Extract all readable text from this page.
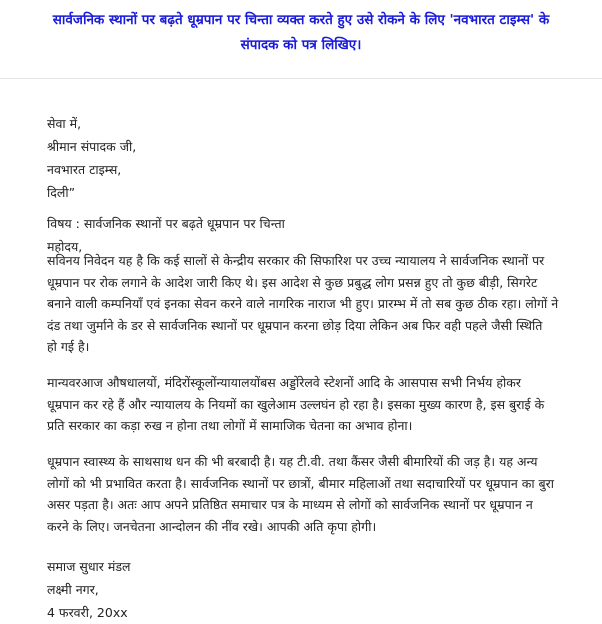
सार्वजनिक स्थानों पर बढ़ते धूम्रपान पर चिन्ता व्यक्त करते हुए उसे रोकने के लिए 'नवभारत टाइम्स' के
संपादक को पत्र लिखिए।
सेवा में,
श्रीमान संपादक जी,
नवभारत टाइम्स,
दिली”
विषय : सार्वजनिक स्थानों पर बढ़ते धूम्रपान पर चिन्ता
महोदय,
सविनय निवेदन यह है कि कई सालों से केन्द्रीय सरकार की सिफारिश पर उच्च न्यायालय ने सार्वजनिक स्थानों पर
धूम्रपान पर रोक लगाने के आदेश जारी किए थे। इस आदेश से कुछ प्रबुद्ध लोग प्रसन्न हुए तो कुछ बीड़ी, सिगरेट
बनाने वाली कम्पनियाँ एवं इनका सेवन करने वाले नागरिक नाराज भी हुए। प्रारम्भ में तो सब कुछ ठीक रहा। लोगों ने
दंड तथा जुर्माने के डर से सार्वजनिक स्थानों पर धूम्रपान करना छोड़ दिया लेकिन अब फिर वही पहले जैसी स्थिति
हो गई है।
मान्यवरआज औषधालयों, मंदिरोंस्कूलोंन्यायालयोंबस अड्डोंरेलवे स्टेशनों आदि के आसपास सभी निर्भय होकर
धूम्रपान कर रहे हैं और न्यायालय के नियमों का खुलेआम उल्लघंन हो रहा है। इसका मुख्य कारण है, इस बुराई के
प्रति सरकार का कड़ा रुख न होना तथा लोगों में सामाजिक चेतना का अभाव होना।
धूम्रपान स्वास्थ्य के साथसाथ धन की भी बरबादी है। यह टी.वी. तथा कैंसर जैसी बीमारियों की जड़ है। यह अन्य
लोगों को भी प्रभावित करता है। सार्वजनिक स्थानों पर छात्रों, बीमार महिलाओं तथा सदाचारियों पर धूम्रपान का बुरा
असर पड़ता है। अतः आप अपने प्रतिष्ठित समाचार पत्र के माध्यम से लोगों को सार्वजनिक स्थानों पर धूम्रपान न
करने के लिए। जनचेतना आन्दोलन की नींव रखे। आपकी अति कृपा होगी।
समाज सुधार मंडल
लक्ष्मी नगर,
4 फरवरी, 20xx
